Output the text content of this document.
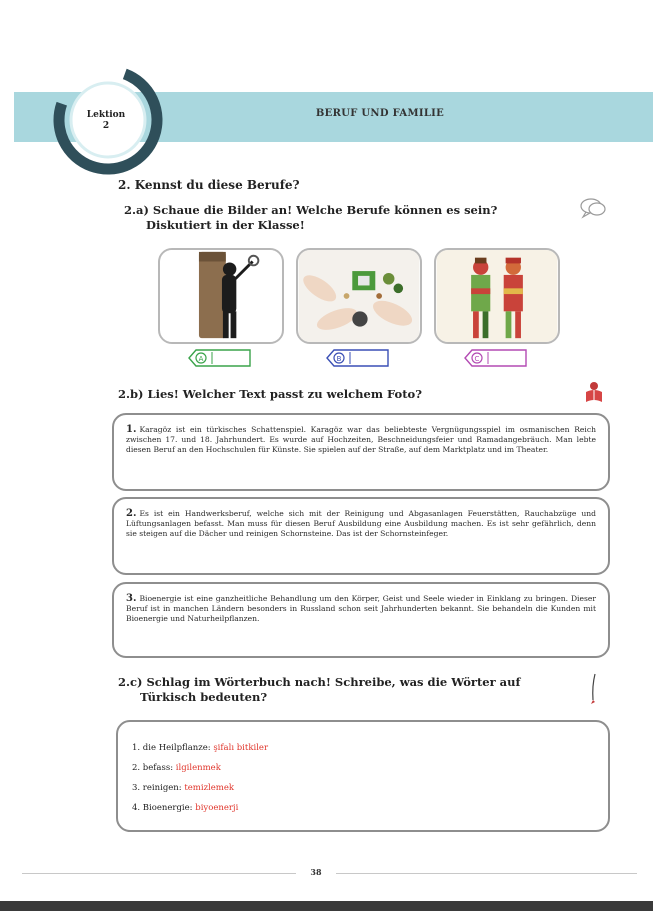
Lektion
2
BERUF UND FAMILIE
2. Kennst du diese Berufe?
2.a) Schaue die Bilder an! Welche Berufe können es sein?
Diskutiert in der Klasse!
A	B	C
2.b) Lies! Welcher Text passt zu welchem Foto?
1. Karagöz ist ein türkisches Schattenspiel. Karagöz war das beliebteste Vergnügungsspiel im osmanischen Reich zwischen 17. und 18. Jahrhundert. Es wurde auf Hochzeiten, Beschneidungsfeier und Ramadangebräuch. Man lebte diesen Beruf an den Hochschulen für Künste. Sie spielen auf der Straße, auf dem Marktplatz und im Theater.
2. Es ist ein Handwerksberuf, welche sich mit der Reinigung und Abgasanlagen Feuerstätten, Rauchabzüge und Lüftungsanlagen befasst. Man muss für diesen Beruf Ausbildung eine Ausbildung machen. Es ist sehr gefährlich, denn sie steigen auf die Dächer und reinigen Schornsteine. Das ist der Schornsteinfeger.
3. Bioenergie ist eine ganzheitliche Behandlung um den Körper, Geist und Seele wieder in Einklang zu bringen. Dieser Beruf ist in manchen Ländern besonders in Russland schon seit Jahrhunderten bekannt. Sie behandeln die Kunden mit Bioenergie und Naturheilpflanzen.
2.c) Schlag im Wörterbuch nach! Schreibe, was die Wörter auf
Türkisch bedeuten?
1. die Heilpflanze: şifalı bitkiler
2. befass: ilgilenmek
3. reinigen: temizlemek
4. Bioenergie: biyoenerji
38
